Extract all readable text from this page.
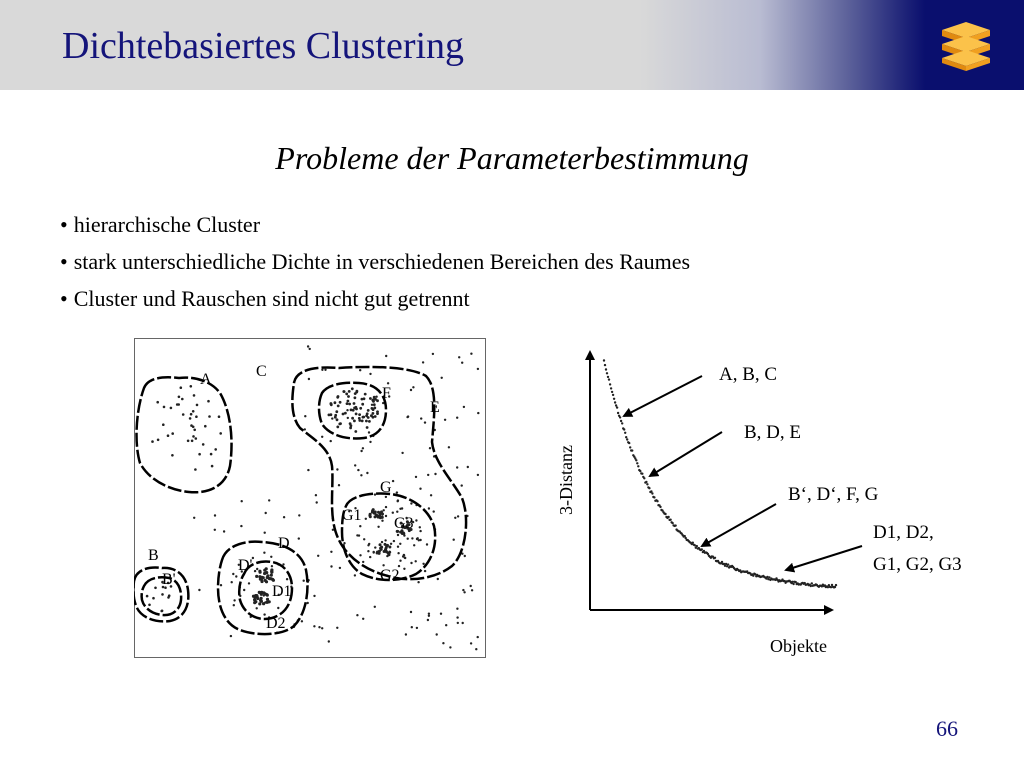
Dichtebasiertes Clustering
Probleme der Parameterbestimmung
• hierarchische Cluster
• stark unterschiedliche Dichte in verschiedenen Bereichen des Raumes
• Cluster und Rauschen sind nicht gut getrennt
A	C
F
E
G
G1 G3
G2
D
D'
D1
D2
B
B'
3-Distanz
Objekte
A, B, C
B, D, E
B‘, D‘, F, G
D1, D2,
G1, G2, G3
66
